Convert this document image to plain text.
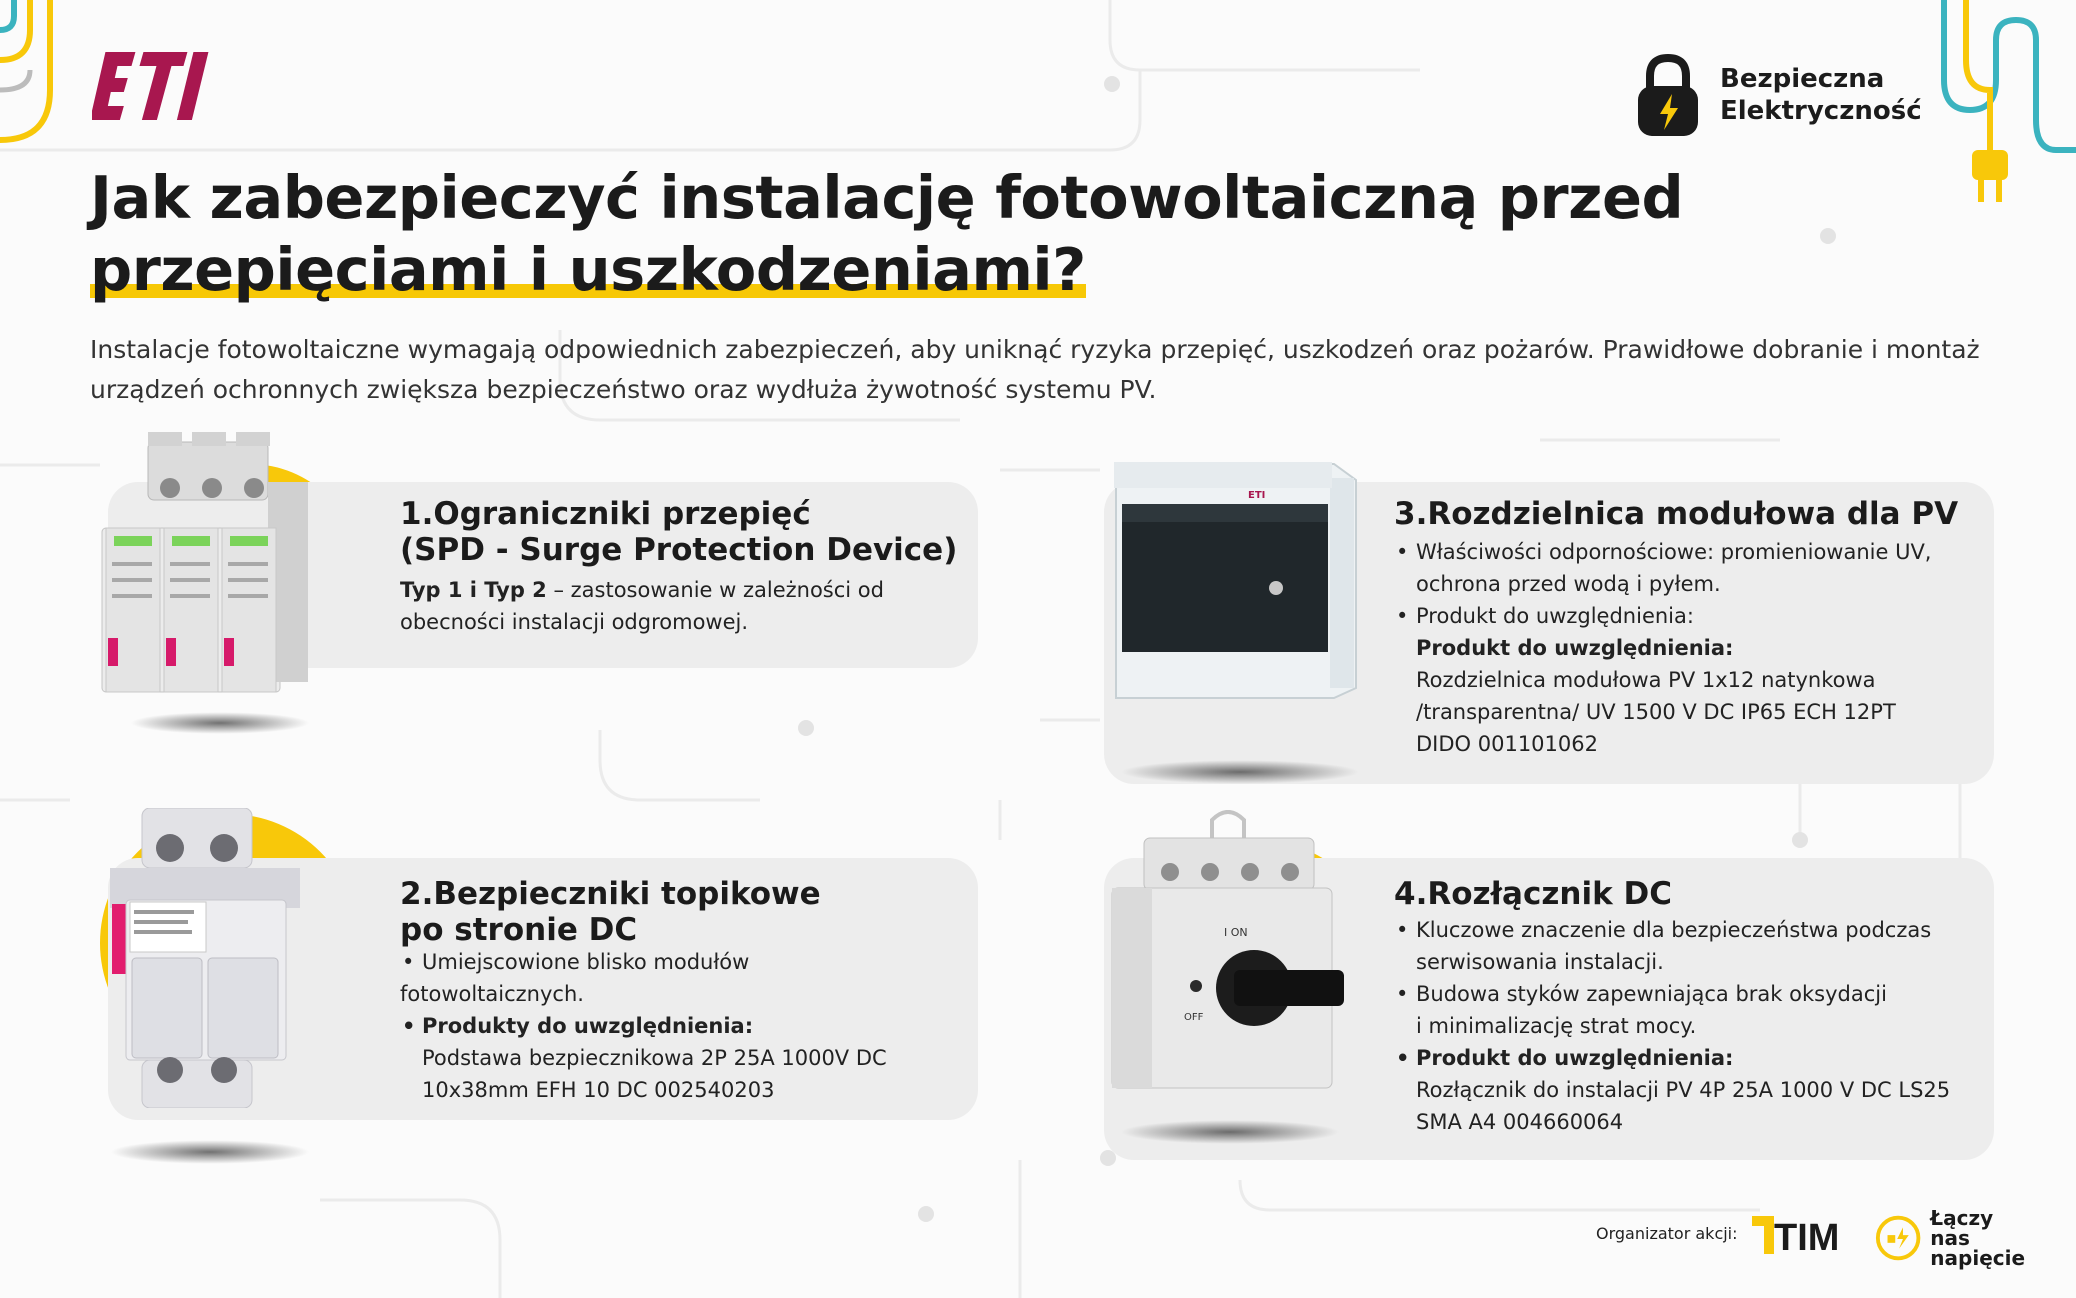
Bezpieczna
Elektryczność
Jak zabezpieczyć instalację fotowoltaiczną przed
przepięciami i uszkodzeniami?

Instalacje fotowoltaiczne wymagają odpowiednich zabezpieczeń, aby uniknąć ryzyka przepięć, uszkodzeń oraz pożarów. Prawidłowe dobranie i montaż urządzeń ochronnych zwiększa bezpieczeństwo oraz wydłuża żywotność systemu PV.

1.Ograniczniki przepięć
(SPD - Surge Protection Device)

Typ 1 i Typ 2 – zastosowanie w zależności od

obecności instalacji odgromowej.

2.Bezpieczniki topikowe
po stronie DC

• Umiejscowione blisko modułów

fotowoltaicznych.

• Produkty do uwzględnienia:

Podstawa bezpiecznikowa 2P 25A 1000V DC

10x38mm EFH 10 DC 002540203

ETI
3.Rozdzielnica modułowa dla PV

• Właściwości odpornościowe: promieniowanie UV,

ochrona przed wodą i pyłem.

• Produkt do uwzględnienia:

Produkt do uwzględnienia:

Rozdzielnica modułowa PV 1x12 natynkowa

/transparentna/ UV 1500 V DC IP65 ECH 12PT

DIDO 001101062

I ON
OFF
4.Rozłącznik DC

• Kluczowe znaczenie dla bezpieczeństwa podczas

serwisowania instalacji.

• Budowa styków zapewniająca brak oksydacji

i minimalizację strat mocy.

• Produkt do uwzględnienia:

Rozłącznik do instalacji PV 4P 25A 1000 V DC LS25

SMA A4 004660064

Organizator akcji: TIM	Łączy nas
napięcie
